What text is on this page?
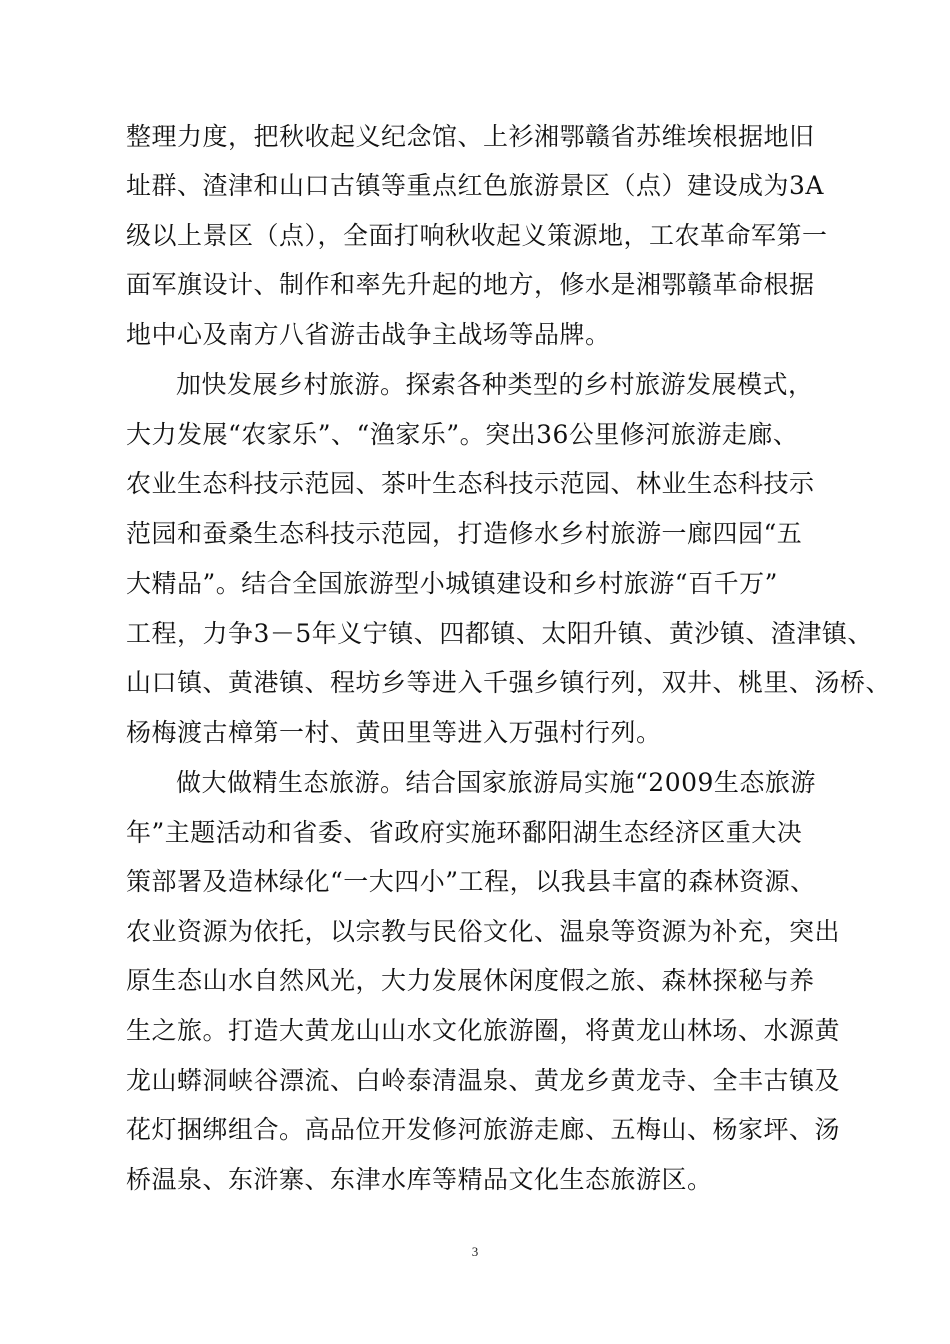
整理力度，把秋收起义纪念馆、上衫湘鄂赣省苏维埃根据地旧
址群、渣津和山口古镇等重点红色旅游景区（点）建设成为3A
级以上景区（点），全面打响秋收起义策源地，工农革命军第一
面军旗设计、制作和率先升起的地方，修水是湘鄂赣革命根据
地中心及南方八省游击战争主战场等品牌。
加快发展乡村旅游。探索各种类型的乡村旅游发展模式，
大力发展“农家乐”、“渔家乐”。突出36公里修河旅游走廊、
农业生态科技示范园、茶叶生态科技示范园、林业生态科技示
范园和蚕桑生态科技示范园，打造修水乡村旅游一廊四园“五
大精品”。结合全国旅游型小城镇建设和乡村旅游“百千万”
工程，力争3－5年义宁镇、四都镇、太阳升镇、黄沙镇、渣津镇、
山口镇、黄港镇、程坊乡等进入千强乡镇行列，双井、桃里、汤桥、
杨梅渡古樟第一村、黄田里等进入万强村行列。
做大做精生态旅游。结合国家旅游局实施“2009生态旅游
年”主题活动和省委、省政府实施环鄱阳湖生态经济区重大决
策部署及造林绿化“一大四小”工程，以我县丰富的森林资源、
农业资源为依托，以宗教与民俗文化、温泉等资源为补充，突出
原生态山水自然风光，大力发展休闲度假之旅、森林探秘与养
生之旅。打造大黄龙山山水文化旅游圈，将黄龙山林场、水源黄
龙山蟒洞峡谷漂流、白岭泰清温泉、黄龙乡黄龙寺、全丰古镇及
花灯捆绑组合。高品位开发修河旅游走廊、五梅山、杨家坪、汤
桥温泉、东浒寨、东津水库等精品文化生态旅游区。
3
